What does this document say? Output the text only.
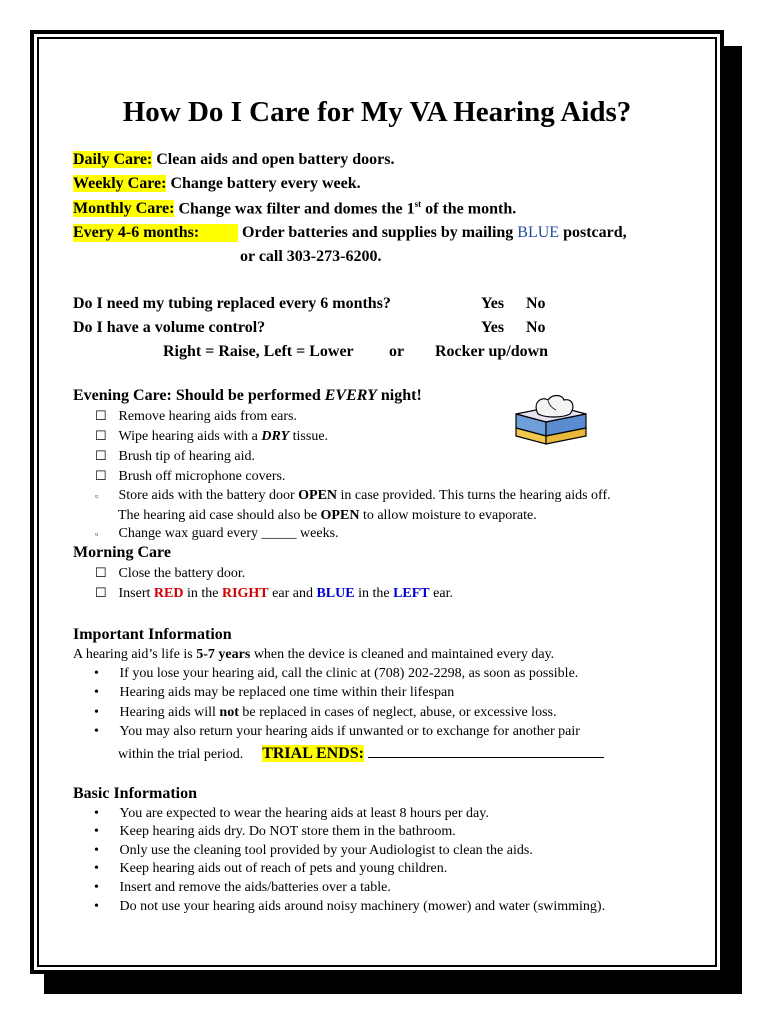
How Do I Care for My VA Hearing Aids?
Daily Care: Clean aids and open battery doors.
Weekly Care: Change battery every week.
Monthly Care: Change wax filter and domes the 1st of the month.
Every 4-6 months:	Order batteries and supplies by mailing BLUE postcard,
or call 303-273-6200.
Do I need my tubing replaced every 6 months?	Yes No
Do I have a volume control?	Yes No
Right = Raise, Left = Lower or Rocker up/down
Evening Care: Should be performed EVERY night!
☐ Remove hearing aids from ears.
☐ Wipe hearing aids with a DRY tissue.
☐ Brush tip of hearing aid.
☐ Brush off microphone covers.
▫ Store aids with the battery door OPEN in case provided. This turns the hearing aids off.
The hearing aid case should also be OPEN to allow moisture to evaporate.
▫ Change wax guard every _____ weeks.
Morning Care
☐ Close the battery door.
☐ Insert RED in the RIGHT ear and BLUE in the LEFT ear.
Important Information
A hearing aid’s life is 5-7 years when the device is cleaned and maintained every day.
• If you lose your hearing aid, call the clinic at (708) 202-2298, as soon as possible.
• Hearing aids may be replaced one time within their lifespan
• Hearing aids will not be replaced in cases of neglect, abuse, or excessive loss.
• You may also return your hearing aids if unwanted or to exchange for another pair
within the trial period. TRIAL ENDS:
Basic Information
• You are expected to wear the hearing aids at least 8 hours per day.
• Keep hearing aids dry. Do NOT store them in the bathroom.
• Only use the cleaning tool provided by your Audiologist to clean the aids.
• Keep hearing aids out of reach of pets and young children.
• Insert and remove the aids/batteries over a table.
• Do not use your hearing aids around noisy machinery (mower) and water (swimming).
